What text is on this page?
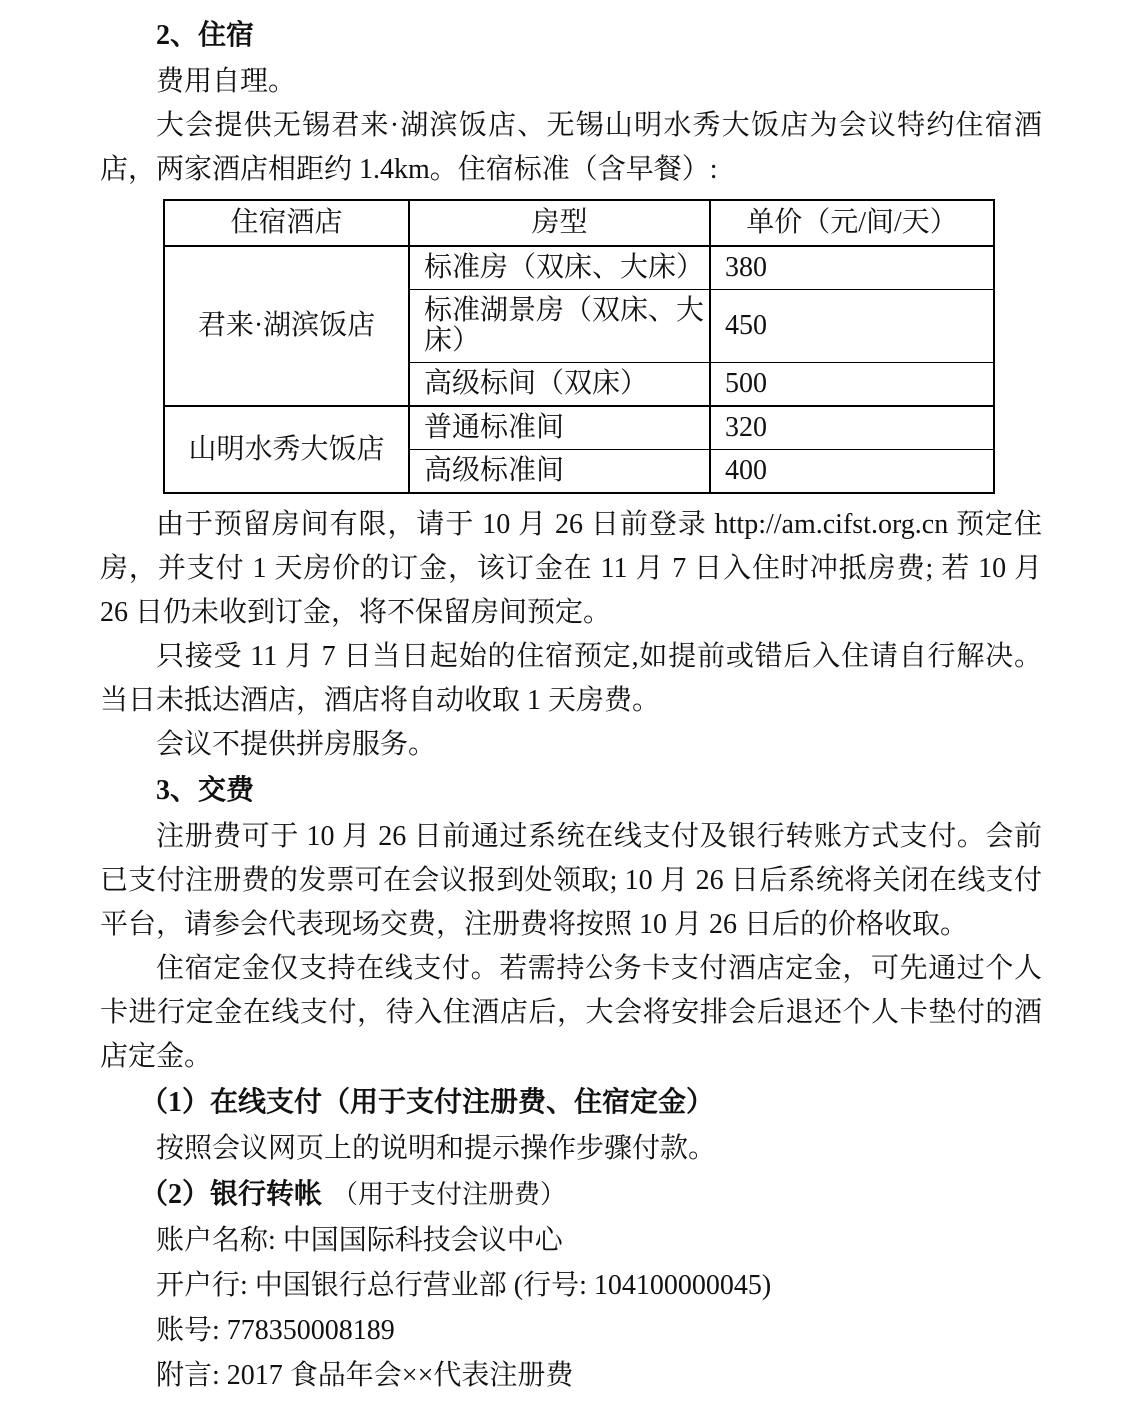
2、住宿

费用自理。

大会提供无锡君来·湖滨饭店、无锡山明水秀大饭店为会议特约住宿酒店，两家酒店相距约 1.4km。住宿标准（含早餐）:

住宿酒店	房型	单价（元/间/天）
君来·湖滨饭店	标准房（双床、大床）	380
	标准湖景房（双床、大床）	450
	高级标间（双床）	500
山明水秀大饭店	普通标准间	320
	高级标准间	400

由于预留房间有限，请于 10 月 26 日前登录 http://am.cifst.org.cn 预定住房，并支付 1 天房价的订金，该订金在 11 月 7 日入住时冲抵房费; 若 10 月 26 日仍未收到订金，将不保留房间预定。

只接受 11 月 7 日当日起始的住宿预定,如提前或错后入住请自行解决。当日未抵达酒店，酒店将自动收取 1 天房费。

会议不提供拼房服务。

3、交费

注册费可于 10 月 26 日前通过系统在线支付及银行转账方式支付。会前已支付注册费的发票可在会议报到处领取; 10 月 26 日后系统将关闭在线支付平台，请参会代表现场交费，注册费将按照 10 月 26 日后的价格收取。

住宿定金仅支持在线支付。若需持公务卡支付酒店定金，可先通过个人卡进行定金在线支付，待入住酒店后，大会将安排会后退还个人卡垫付的酒店定金。

（1）在线支付（用于支付注册费、住宿定金）

按照会议网页上的说明和提示操作步骤付款。

（2）银行转帐 （用于支付注册费）
账户名称: 中国国际科技会议中心
开户行: 中国银行总行营业部 (行号: 104100000045)
账号: 778350008189
附言: 2017 食品年会××代表注册费
